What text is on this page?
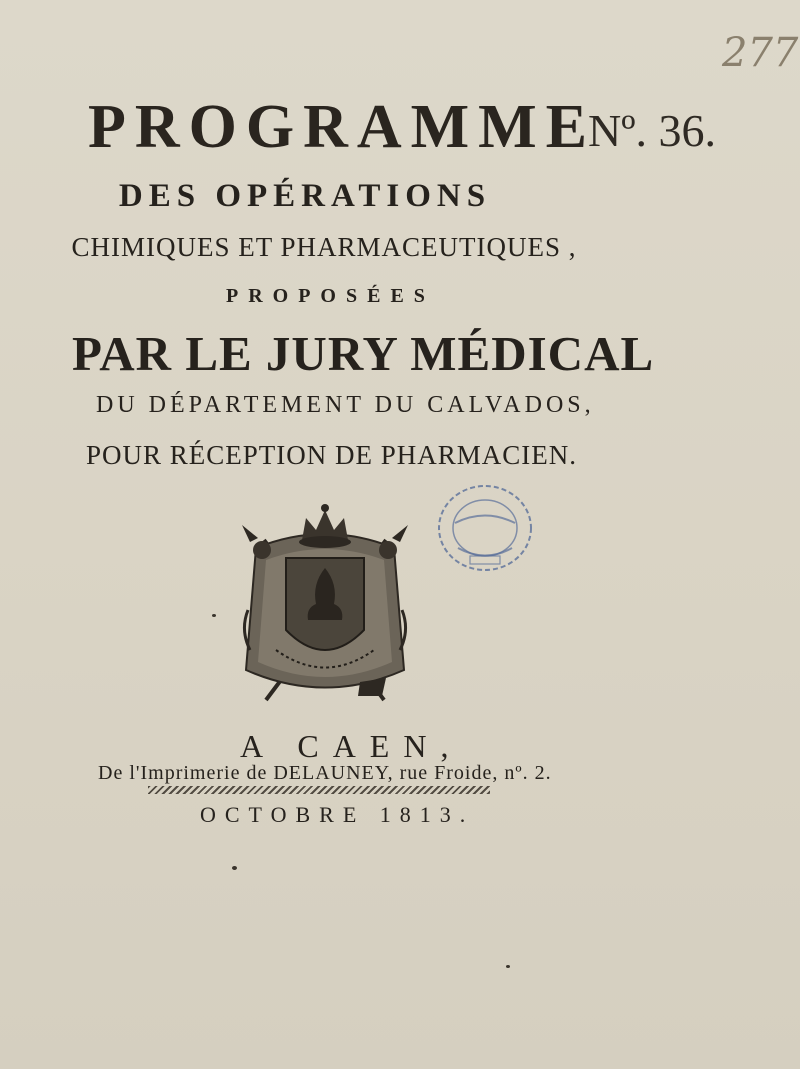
277
PROGRAMME
Nº. 36.
DES OPÉRATIONS
CHIMIQUES ET PHARMACEUTIQUES ,
PROPOSÉES
PAR LE JURY MÉDICAL
DU DÉPARTEMENT DU CALVADOS,
POUR RÉCEPTION DE PHARMACIEN.
A CAEN,
De l'Imprimerie de DELAUNEY, rue Froide, nº. 2.
OCTOBRE 1813.
